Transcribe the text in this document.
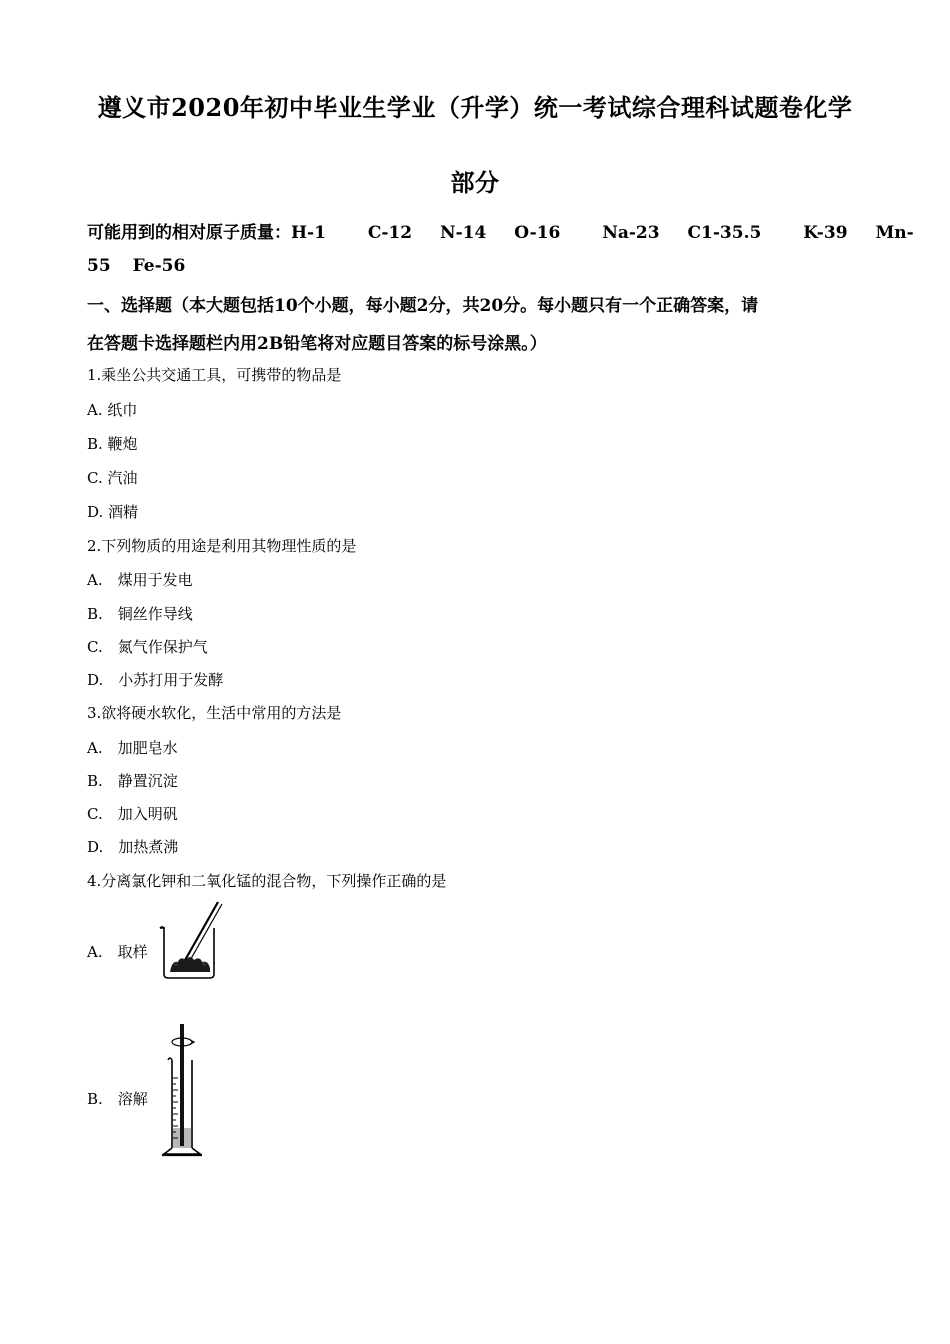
遵义市2020年初中毕业生学业（升学）统一考试综合理科试题卷化学
部分
可能用到的相对原子质量：H-1 C-12 N-14 O-16 Na-23 C1-35.5 K-39 Mn-
55 Fe-56
一、选择题（本大题包括10个小题，每小题2分，共20分。每小题只有一个正确答案，请
在答题卡选择题栏内用2B铅笔将对应题目答案的标号涂黑。）
1.乘坐公共交通工具，可携带的物品是
A. 纸巾
B. 鞭炮
C. 汽油
D. 酒精
2.下列物质的用途是利用其物理性质的是
A.　煤用于发电
B.　铜丝作导线
C.　氮气作保护气
D.　小苏打用于发酵
3.欲将硬水软化，生活中常用的方法是
A.　加肥皂水
B.　静置沉淀
C.　加入明矾
D.　加热煮沸
4.分离氯化钾和二氧化锰的混合物，下列操作正确的是
A.　取样
B.　溶解
